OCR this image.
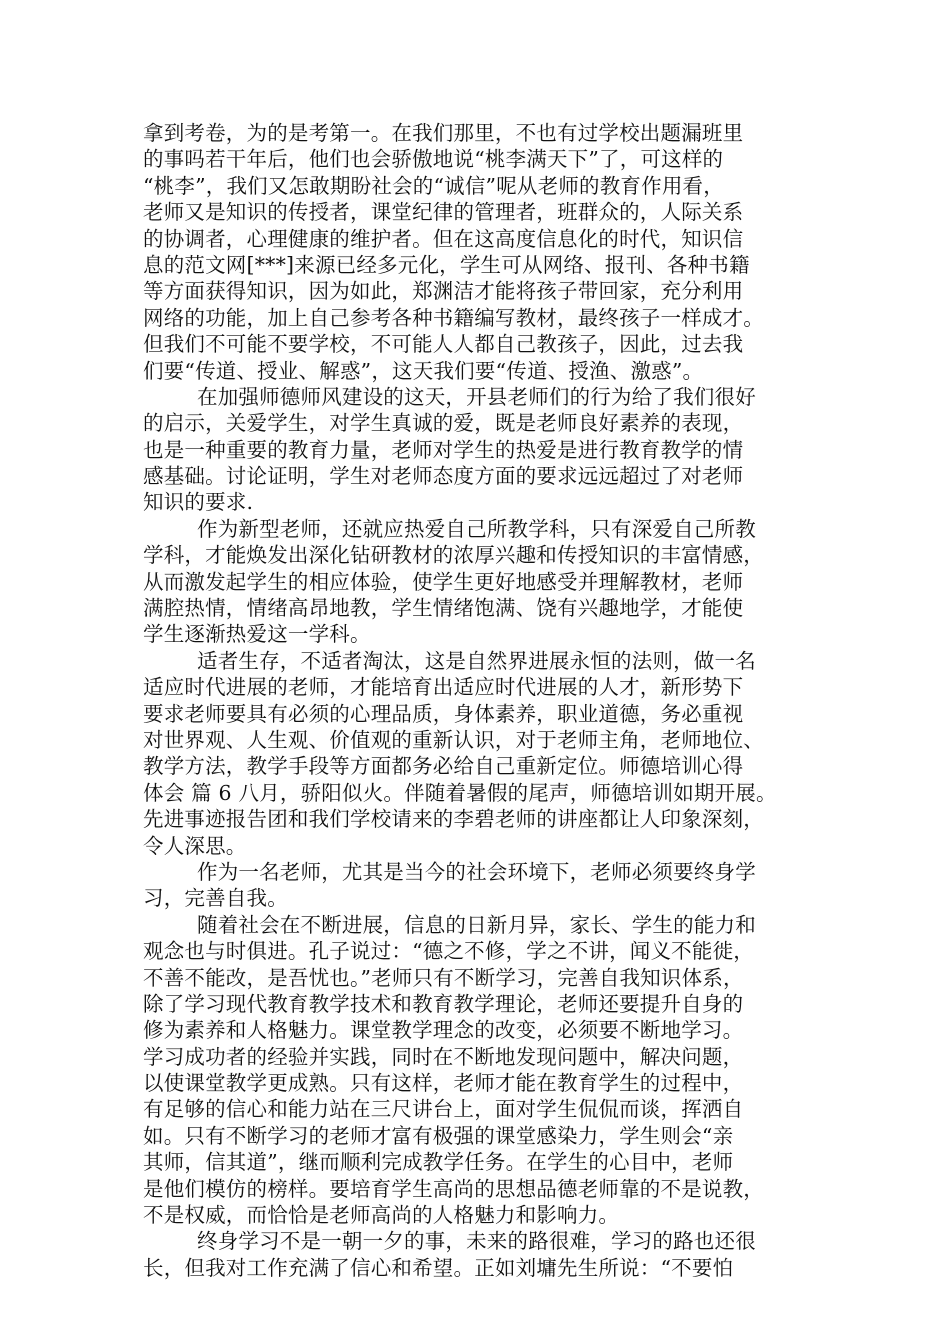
拿到考卷，为的是考第一。在我们那里，不也有过学校出题漏班里
的事吗若干年后，他们也会骄傲地说“桃李满天下”了，可这样的
“桃李”，我们又怎敢期盼社会的“诚信”呢从老师的教育作用看，
老师又是知识的传授者，课堂纪律的管理者，班群众的，人际关系
的协调者，心理健康的维护者。但在这高度信息化的时代，知识信
息的范文网[***]来源已经多元化，学生可从网络、报刊、各种书籍
等方面获得知识，因为如此，郑渊洁才能将孩子带回家，充分利用
网络的功能，加上自己参考各种书籍编写教材，最终孩子一样成才。
但我们不可能不要学校，不可能人人都自己教孩子，因此，过去我
们要“传道、授业、解惑”，这天我们要“传道、授渔、激惑”。
在加强师德师风建设的这天，开县老师们的行为给了我们很好
的启示，关爱学生，对学生真诚的爱，既是老师良好素养的表现，
也是一种重要的教育力量，老师对学生的热爱是进行教育教学的情
感基础。讨论证明，学生对老师态度方面的要求远远超过了对老师
知识的要求.
作为新型老师，还就应热爱自己所教学科，只有深爱自己所教
学科，才能焕发出深化钻研教材的浓厚兴趣和传授知识的丰富情感，
从而激发起学生的相应体验，使学生更好地感受并理解教材，老师
满腔热情，情绪高昂地教，学生情绪饱满、饶有兴趣地学，才能使
学生逐渐热爱这一学科。
适者生存，不适者淘汰，这是自然界进展永恒的法则，做一名
适应时代进展的老师，才能培育出适应时代进展的人才，新形势下
要求老师要具有必须的心理品质，身体素养，职业道德，务必重视
对世界观、人生观、价值观的重新认识，对于老师主角，老师地位、
教学方法，教学手段等方面都务必给自己重新定位。师德培训心得
体会 篇 6 八月，骄阳似火。伴随着暑假的尾声，师德培训如期开展。
先进事迹报告团和我们学校请来的李碧老师的讲座都让人印象深刻，
令人深思。
作为一名老师，尤其是当今的社会环境下，老师必须要终身学
习，完善自我。
随着社会在不断进展，信息的日新月异，家长、学生的能力和
观念也与时俱进。孔子说过：“德之不修，学之不讲，闻义不能徙，
不善不能改，是吾忧也。”老师只有不断学习，完善自我知识体系，
除了学习现代教育教学技术和教育教学理论，老师还要提升自身的
修为素养和人格魅力。课堂教学理念的改变，必须要不断地学习。
学习成功者的经验并实践，同时在不断地发现问题中，解决问题，
以使课堂教学更成熟。只有这样，老师才能在教育学生的过程中，
有足够的信心和能力站在三尺讲台上，面对学生侃侃而谈，挥洒自
如。只有不断学习的老师才富有极强的课堂感染力，学生则会“亲
其师，信其道”，继而顺利完成教学任务。在学生的心目中，老师
是他们模仿的榜样。要培育学生高尚的思想品德老师靠的不是说教，
不是权威，而恰恰是老师高尚的人格魅力和影响力。
终身学习不是一朝一夕的事，未来的路很难，学习的路也还很
长，但我对工作充满了信心和希望。正如刘墉先生所说：“不要怕
